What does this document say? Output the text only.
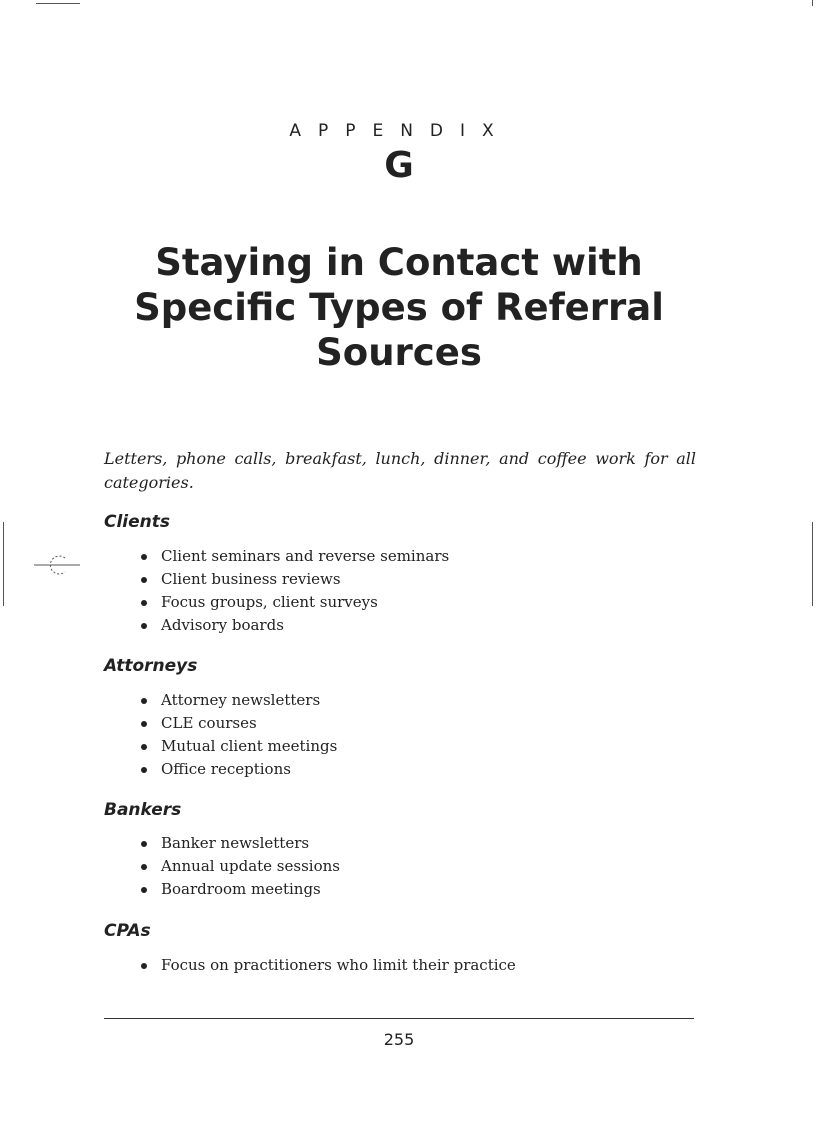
APPENDIX
G
Staying in Contact with
Specific Types of Referral
Sources

Letters, phone calls, breakfast, lunch, dinner, and coffee work for all categories.

Clients
Client seminars and reverse seminars
Client business reviews
Focus groups, client surveys
Advisory boards
Attorneys
Attorney newsletters
CLE courses
Mutual client meetings
Office receptions
Bankers
Banker newsletters
Annual update sessions
Boardroom meetings
CPAs
Focus on practitioners who limit their practice
255
